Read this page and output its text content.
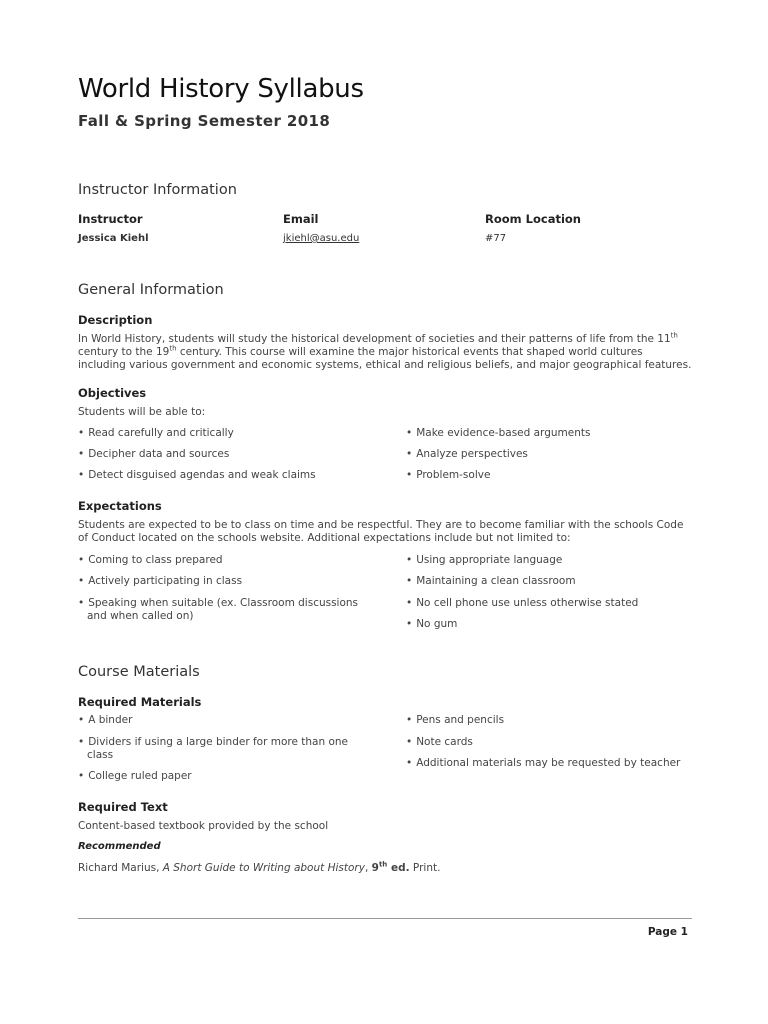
World History Syllabus
Fall & Spring Semester 2018
Instructor Information
Instructor	Email	Room Location
Jessica Kiehl	jkiehl@asu.edu	#77
General Information
Description
In World History, students will study the historical development of societies and their patterns of life from the 11th century to the 19th century. This course will examine the major historical events that shaped world cultures including various government and economic systems, ethical and religious beliefs, and major geographical features.
Objectives
Students will be able to:
• Read carefully and critically
• Decipher data and sources
• Detect disguised agendas and weak claims
• Make evidence-based arguments
• Analyze perspectives
• Problem-solve
Expectations
Students are expected to be to class on time and be respectful. They are to become familiar with the schools Code of Conduct located on the schools website. Additional expectations include but not limited to:
• Coming to class prepared
• Actively participating in class
• Speaking when suitable (ex. Classroom discussions and when called on)
• Using appropriate language
• Maintaining a clean classroom
• No cell phone use unless otherwise stated
• No gum
Course Materials
Required Materials
• A binder
• Dividers if using a large binder for more than one class
• College ruled paper
• Pens and pencils
• Note cards
• Additional materials may be requested by teacher
Required Text
Content-based textbook provided by the school
Recommended
Richard Marius, A Short Guide to Writing about History, 9th ed. Print.
Page 1
